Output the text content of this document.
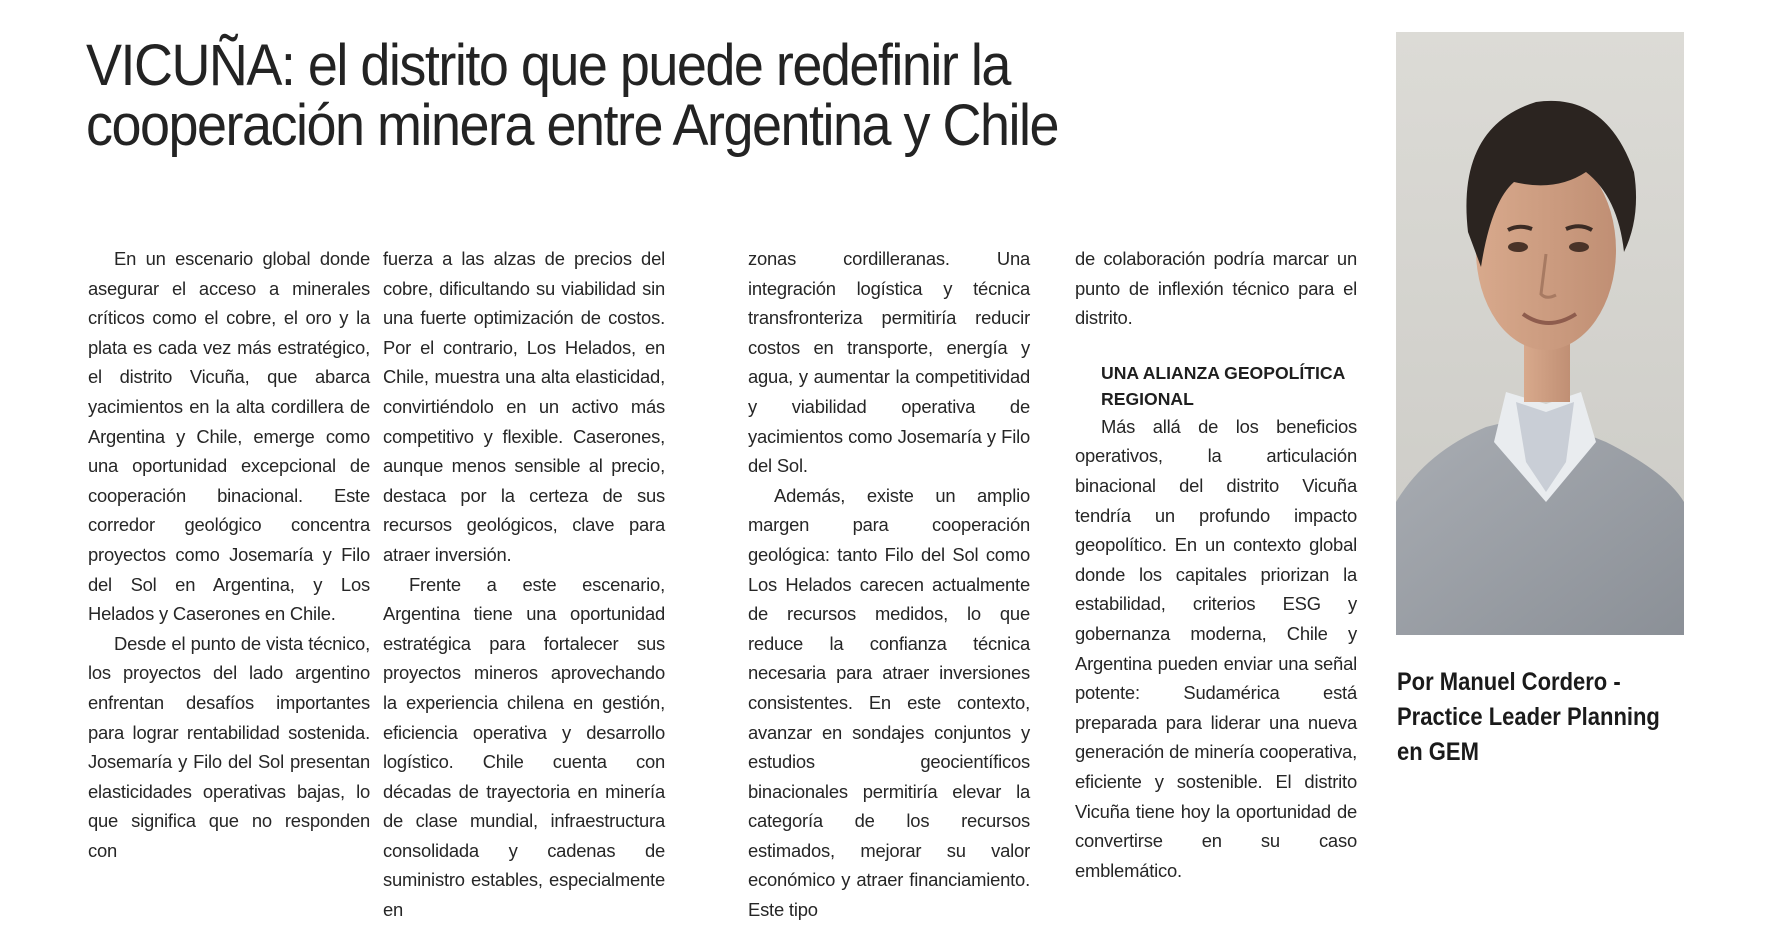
VICUÑA: el distrito que puede redefinir la cooperación minera entre Argentina y Chile

En un escenario global donde asegurar el acceso a minerales críticos como el cobre, el oro y la plata es cada vez más estratégico, el distrito Vicuña, que abarca yacimientos en la alta cordillera de Argentina y Chile, emerge como una oportunidad excepcional de cooperación binacional. Este corredor geológico concentra proyectos como Josemaría y Filo del Sol en Argentina, y Los Helados y Caserones en Chile.

Desde el punto de vista técnico, los proyectos del lado argentino enfrentan desafíos importantes para lograr rentabilidad sostenida. Josemaría y Filo del Sol presentan elasticidades operativas bajas, lo que significa que no responden con

fuerza a las alzas de precios del cobre, dificultando su viabilidad sin una fuerte optimización de costos. Por el contrario, Los Helados, en Chile, muestra una alta elasticidad, convirtiéndolo en un activo más competitivo y flexible. Caserones, aunque menos sensible al precio, destaca por la certeza de sus recursos geológicos, clave para atraer inversión.

Frente a este escenario, Argentina tiene una oportunidad estratégica para fortalecer sus proyectos mineros aprovechando la experiencia chilena en gestión, eficiencia operativa y desarrollo logístico. Chile cuenta con décadas de trayectoria en minería de clase mundial, infraestructura consolidada y cadenas de suministro estables, especialmente en

zonas cordilleranas. Una integración logística y técnica transfronteriza permitiría reducir costos en transporte, energía y agua, y aumentar la competitividad y viabilidad operativa de yacimientos como Josemaría y Filo del Sol.

Además, existe un amplio margen para cooperación geológica: tanto Filo del Sol como Los Helados carecen actualmente de recursos medidos, lo que reduce la confianza técnica necesaria para atraer inversiones consistentes. En este contexto, avanzar en sondajes conjuntos y estudios geocientíficos binacionales permitiría elevar la categoría de los recursos estimados, mejorar su valor económico y atraer financiamiento. Este tipo

de colaboración podría marcar un punto de inflexión técnico para el distrito.

UNA ALIANZA GEOPOLÍTICA REGIONAL

Más allá de los beneficios operativos, la articulación binacional del distrito Vicuña tendría un profundo impacto geopolítico. En un contexto global donde los capitales priorizan la estabilidad, criterios ESG y gobernanza moderna, Chile y Argentina pueden enviar una señal potente: Sudamérica está preparada para liderar una nueva generación de minería cooperativa, eficiente y sostenible. El distrito Vicuña tiene hoy la oportunidad de convertirse en su caso emblemático.

Por Manuel Cordero - Practice Leader Planning en GEM
